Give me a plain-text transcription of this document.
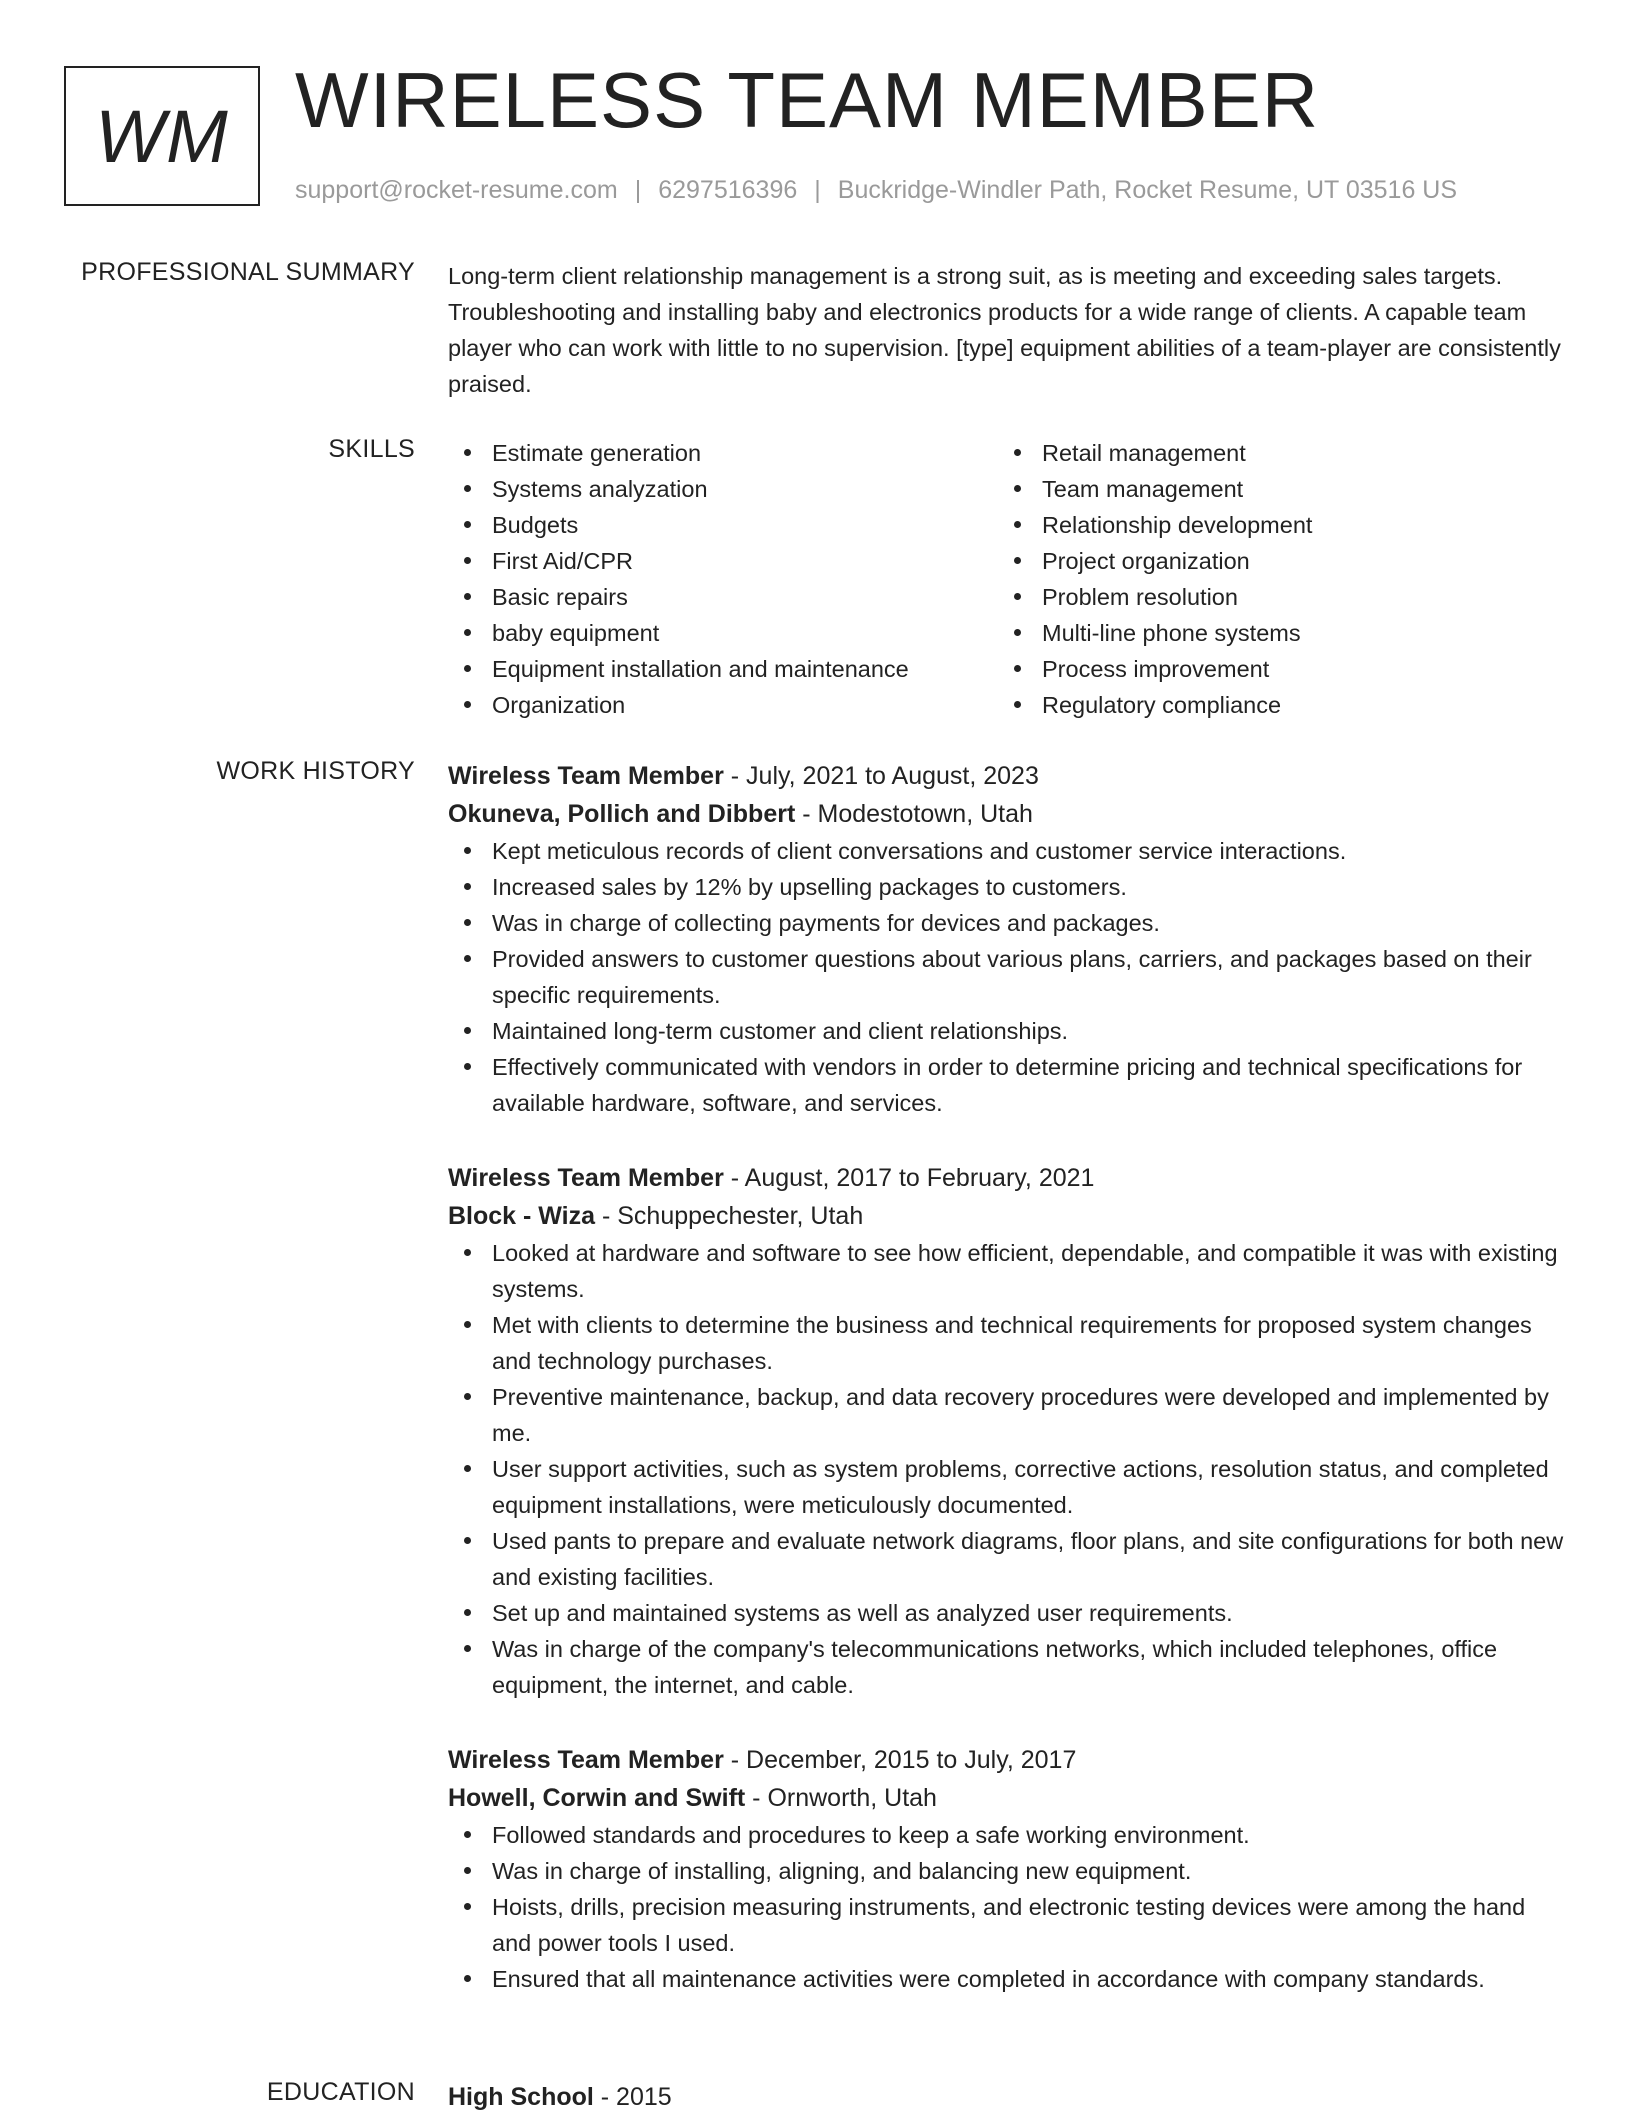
WM WIRELESS TEAM MEMBER
support@rocket-resume.com | 6297516396 | Buckridge-Windler Path, Rocket Resume, UT 03516 US
PROFESSIONAL SUMMARY Long-term client relationship management is a strong suit, as is meeting and exceeding sales targets. Troubleshooting and installing baby and electronics products for a wide range of clients. A capable team player who can work with little to no supervision. [type] equipment abilities of a team-player are consistently praised.

SKILLS	Estimate generation
Systems analyzation
Budgets
First Aid/CPR
Basic repairs
baby equipment
Equipment installation and maintenance
Organization
Retail management
Team management
Relationship development
Project organization
Problem resolution
Multi-line phone systems
Process improvement
Regulatory compliance
WORK HISTORY Wireless Team Member - July, 2021 to August, 2023
Okuneva, Pollich and Dibbert - Modestotown, Utah
Kept meticulous records of client conversations and customer service interactions.
Increased sales by 12% by upselling packages to customers.
Was in charge of collecting payments for devices and packages.
Provided answers to customer questions about various plans, carriers, and packages based on their specific requirements.
Maintained long-term customer and client relationships.
Effectively communicated with vendors in order to determine pricing and technical specifications for available hardware, software, and services.
Wireless Team Member - August, 2017 to February, 2021
Block - Wiza - Schuppechester, Utah
Looked at hardware and software to see how efficient, dependable, and compatible it was with existing systems.
Met with clients to determine the business and technical requirements for proposed system changes and technology purchases.
Preventive maintenance, backup, and data recovery procedures were developed and implemented by me.
User support activities, such as system problems, corrective actions, resolution status, and completed equipment installations, were meticulously documented.
Used pants to prepare and evaluate network diagrams, floor plans, and site configurations for both new and existing facilities.
Set up and maintained systems as well as analyzed user requirements.
Was in charge of the company's telecommunications networks, which included telephones, office equipment, the internet, and cable.
Wireless Team Member - December, 2015 to July, 2017
Howell, Corwin and Swift - Ornworth, Utah
Followed standards and procedures to keep a safe working environment.
Was in charge of installing, aligning, and balancing new equipment.
Hoists, drills, precision measuring instruments, and electronic testing devices were among the hand and power tools I used.
Ensured that all maintenance activities were completed in accordance with company standards.
EDUCATION High School - 2015
